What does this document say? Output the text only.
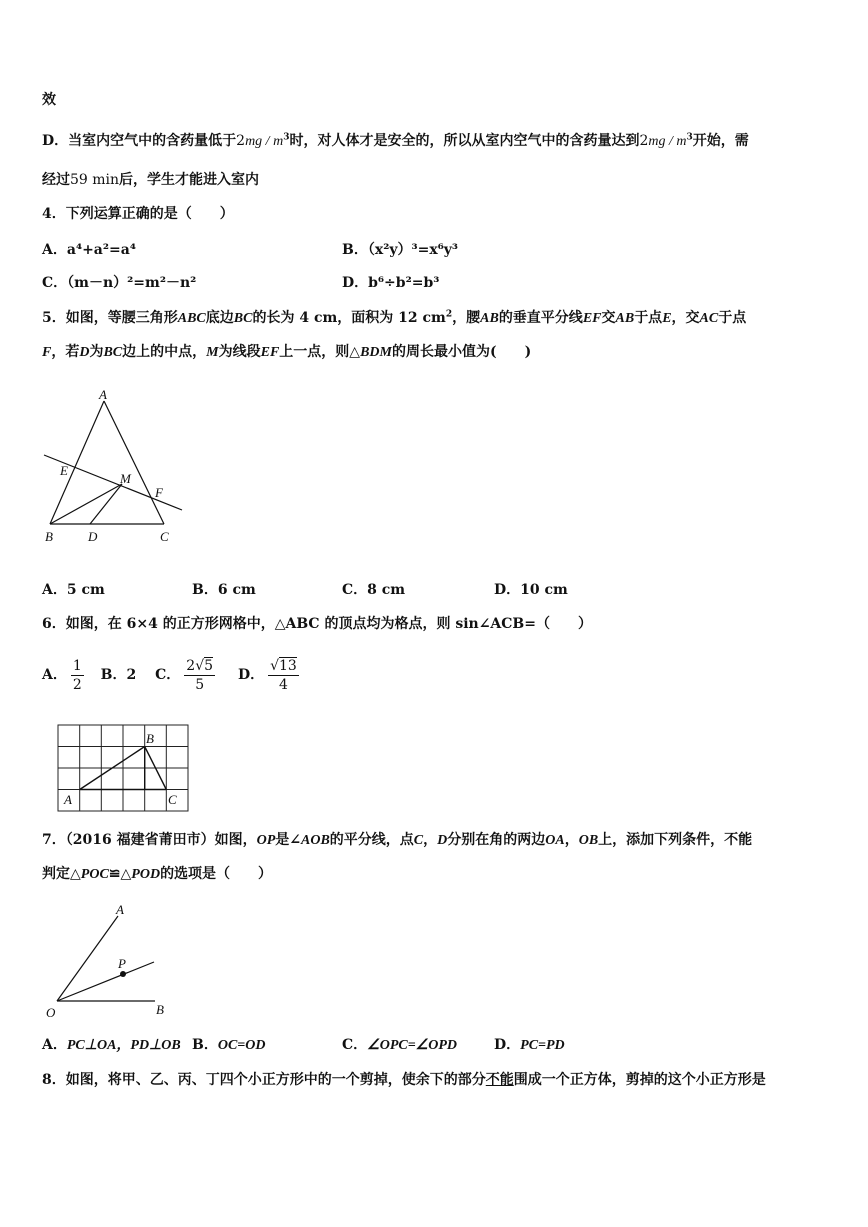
效
D．当室内空气中的含药量低于$2mg / m^3$时，对人体才是安全的，所以从室内空气中的含药量达到$2mg / m^3$开始，需
经过59 min后，学生才能进入室内
4．下列运算正确的是（　　）
A．a⁴+a²=a⁴	B．（x²y）³=x⁶y³
C．（m－n）²=m²－n²	D．b⁶÷b²=b³
5．如图，等腰三角形ABC底边BC的长为 4 cm，面积为 12 $cm^2$，腰AB的垂直平分线EF交AB于点E，交AC于点
F，若D为BC边上的中点，M为线段EF上一点，则△BDM的周长最小值为(　　)
A
E
M
F
B	D	C
A．5 cm	B．6 cm	C．8 cm	D．10 cm
6．如图，在 6×4 的正方形网格中，△ABC 的顶点均为格点，则 sin∠ACB=（　　）
A． $\frac{1}{2}$ B．2 C． $\frac{2√5}{5}$ D． $\frac{√13}{4}$
A
B
C
7．（2016 福建省莆田市）如图，OP是∠AOB的平分线，点C，D分别在角的两边OA，OB上，添加下列条件，不能
判定△POC≌△POD的选项是（　　）
A
P
O	B
A．PC⊥OA，PD⊥OB B．OC=OD	C．∠OPC=∠OPD	D．PC=PD
8．如图，将甲、乙、丙、丁四个小正方形中的一个剪掉，使余下的部分不能围成一个正方体，剪掉的这个小正方形是
